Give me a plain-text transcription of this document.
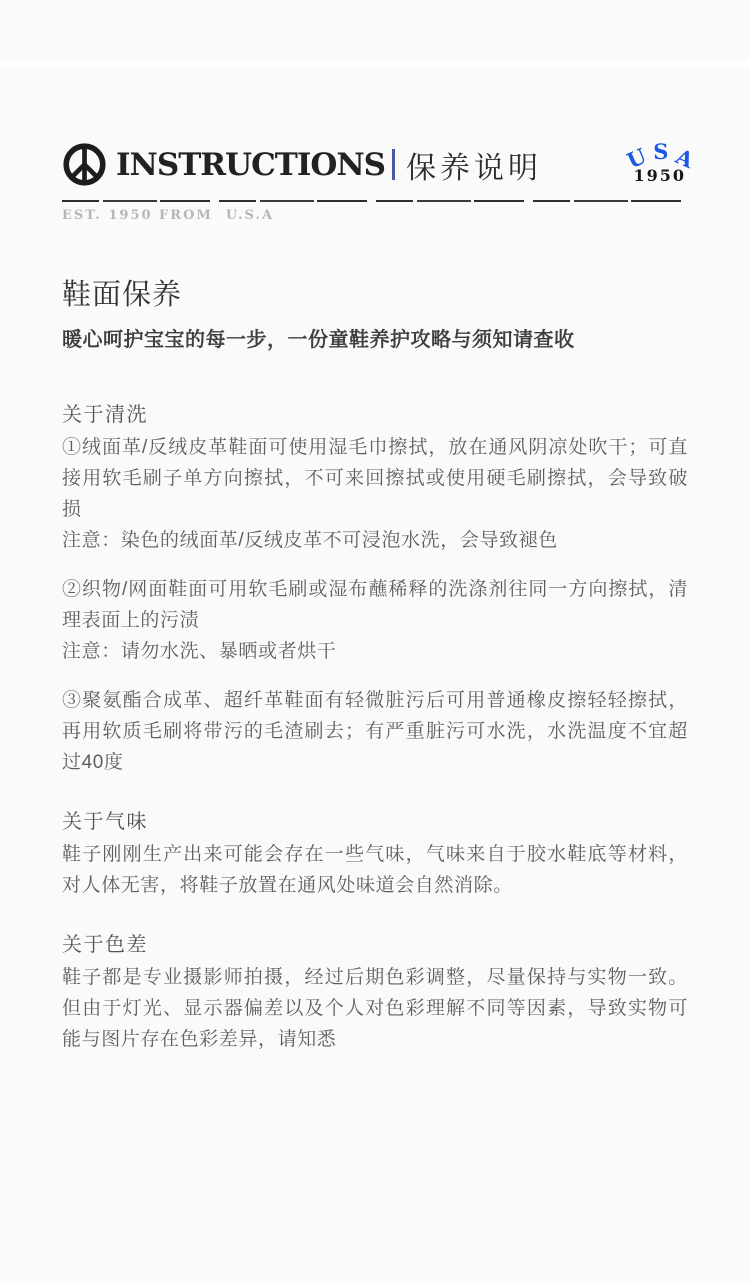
INSTRUCTIONS 保养说明	U S A
1950
EST. 1950 FROM  U.S.A
鞋面保养

暖心呵护宝宝的每一步，一份童鞋养护攻略与须知请查收

关于清洗

①绒面革/反绒皮革鞋面可使用湿毛巾擦拭，放在通风阴凉处吹干；可直接用软毛刷子单方向擦拭，不可来回擦拭或使用硬毛刷擦拭，会导致破损

注意：染色的绒面革/反绒皮革不可浸泡水洗，会导致褪色

②织物/网面鞋面可用软毛刷或湿布蘸稀释的洗涤剂往同一方向擦拭，清理表面上的污渍

注意：请勿水洗、暴晒或者烘干

③聚氨酯合成革、超纤革鞋面有轻微脏污后可用普通橡皮擦轻轻擦拭，再用软质毛刷将带污的毛渣刷去；有严重脏污可水洗，水洗温度不宜超过40度

关于气味

鞋子刚刚生产出来可能会存在一些气味，气味来自于胶水鞋底等材料，对人体无害，将鞋子放置在通风处味道会自然消除。

关于色差

鞋子都是专业摄影师拍摄，经过后期色彩调整，尽量保持与实物一致。但由于灯光、显示器偏差以及个人对色彩理解不同等因素，导致实物可能与图片存在色彩差异，请知悉
